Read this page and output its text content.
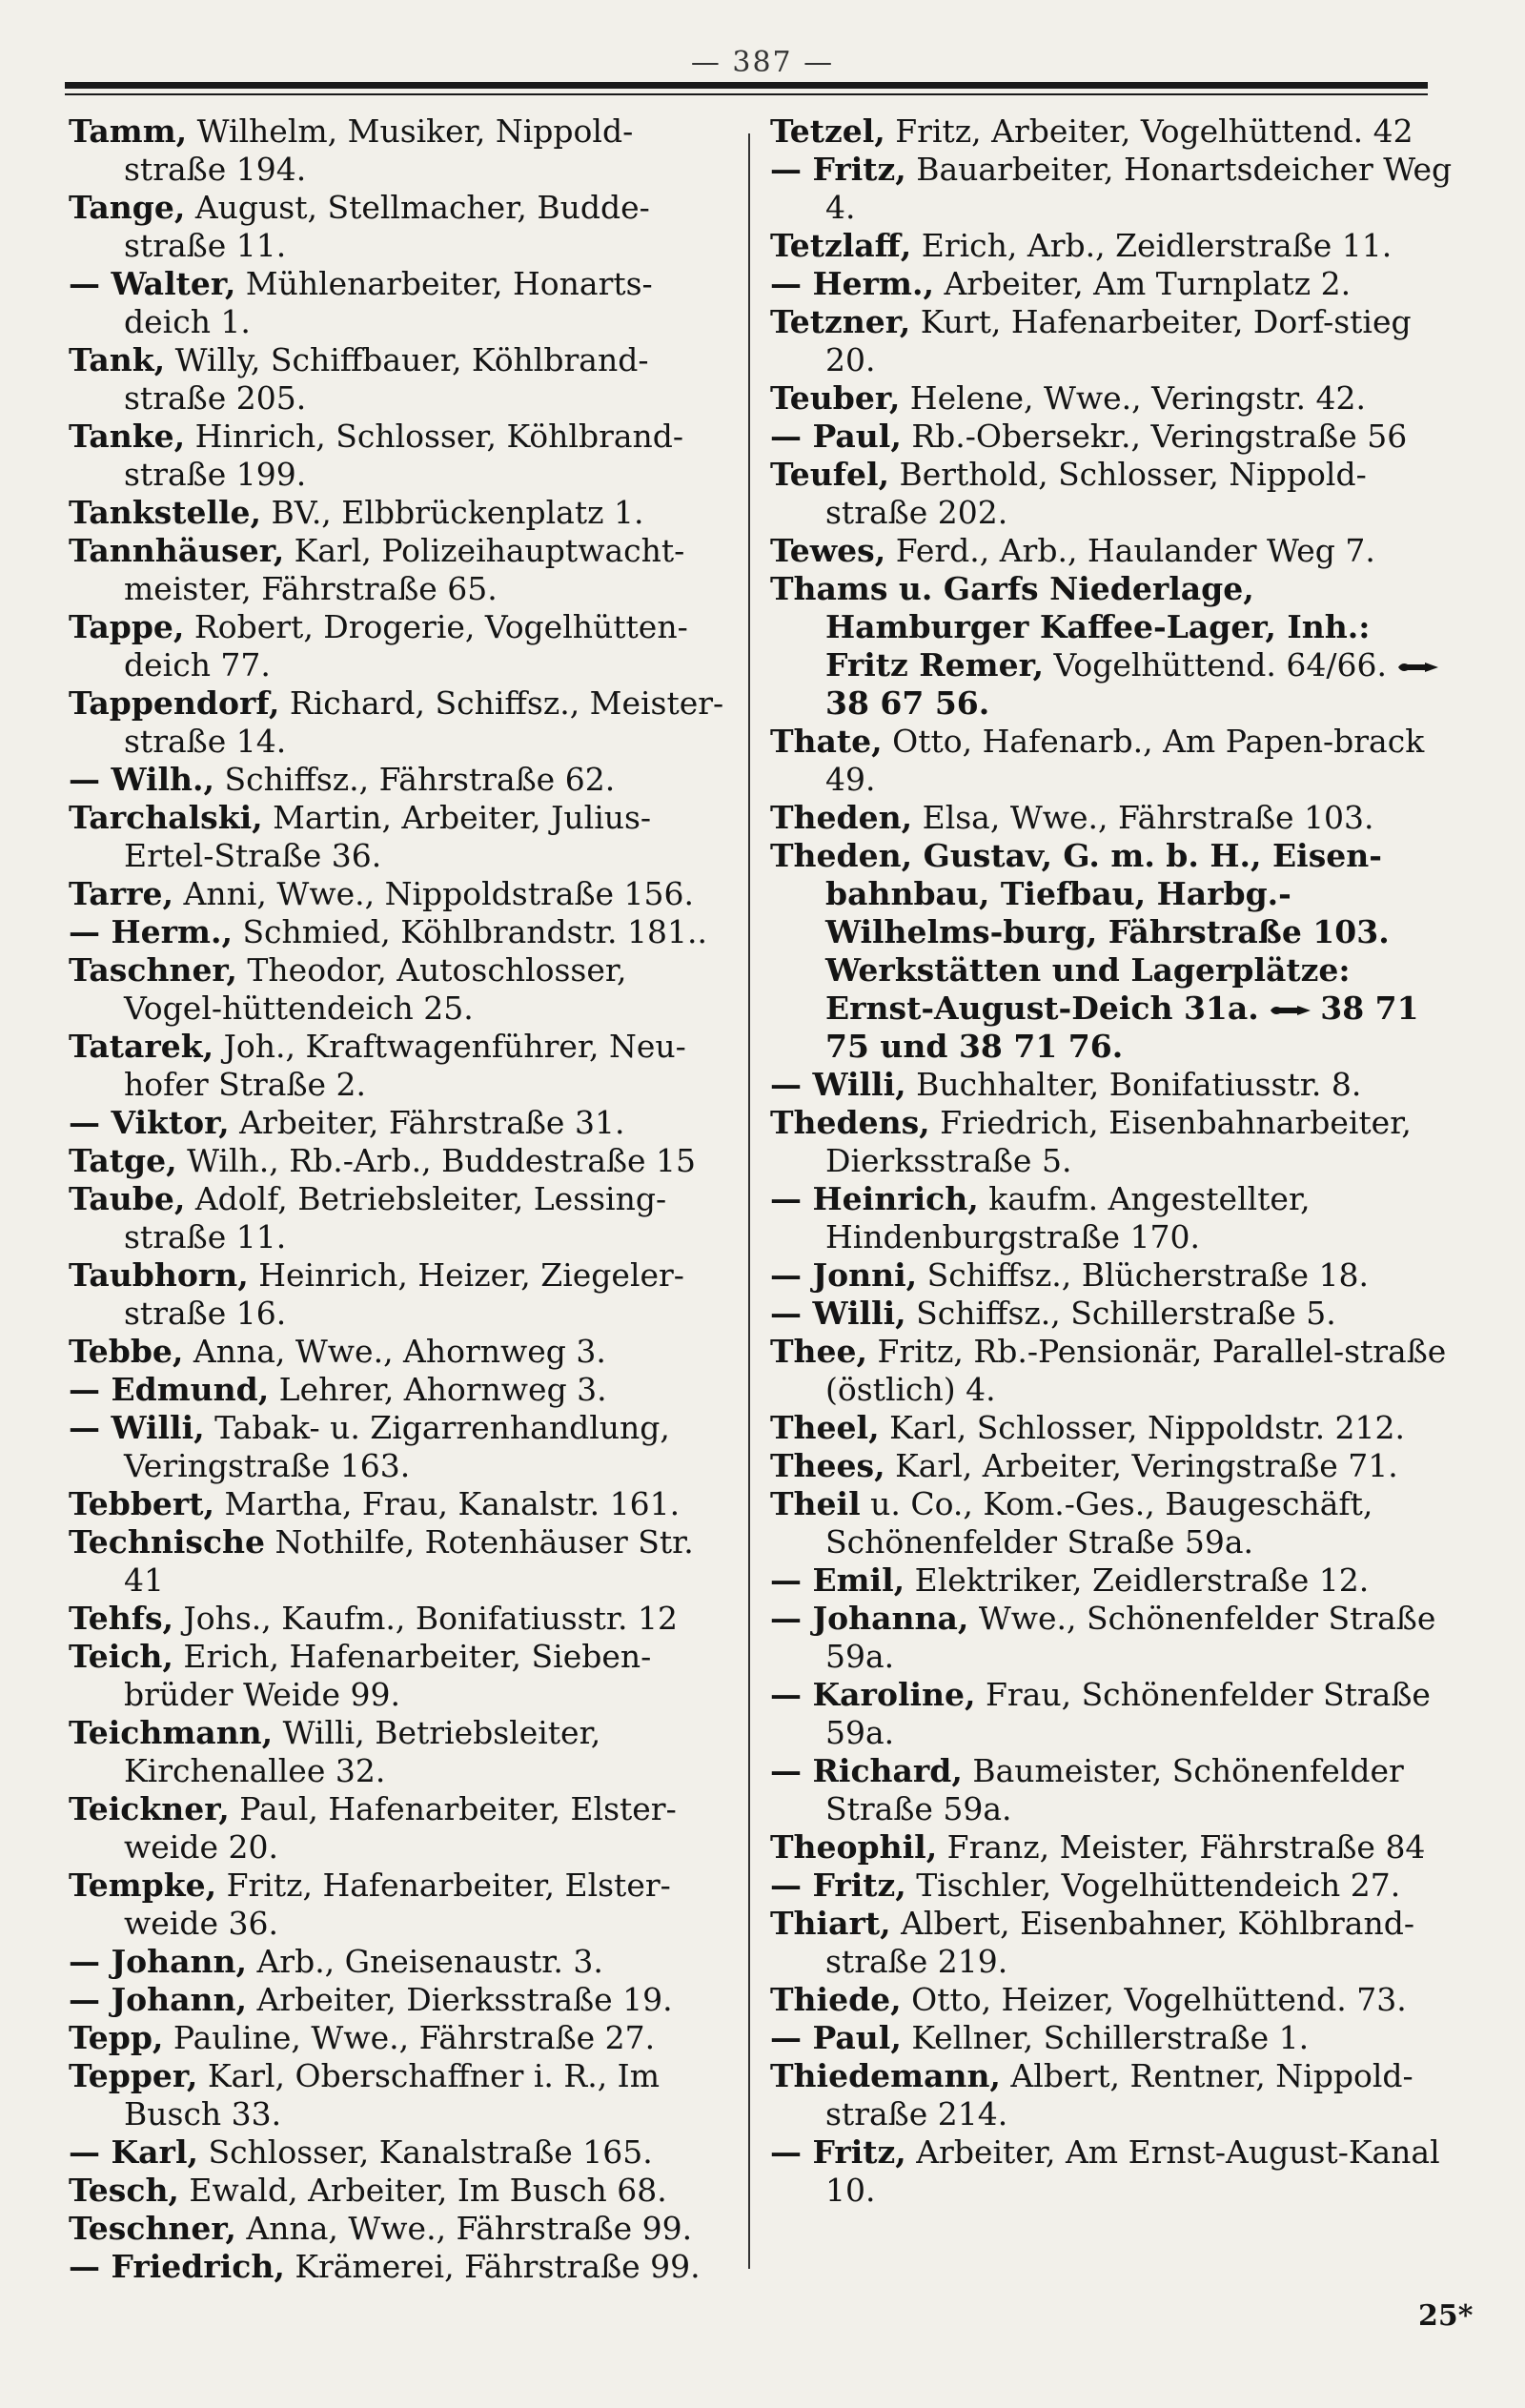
— 387 —
Tamm, Wilhelm, Musiker, Nippold-straße 194.
Tange, August, Stellmacher, Budde-straße 11.
— Walter, Mühlenarbeiter, Honarts-deich 1.
Tank, Willy, Schiffbauer, Köhlbrand-straße 205.
Tanke, Hinrich, Schlosser, Köhlbrand-straße 199.
Tankstelle, BV., Elbbrückenplatz 1.
Tannhäuser, Karl, Polizeihauptwacht-meister, Fährstraße 65.
Tappe, Robert, Drogerie, Vogelhütten-deich 77.
Tappendorf, Richard, Schiffsz., Meister-straße 14.
— Wilh., Schiffsz., Fährstraße 62.
Tarchalski, Martin, Arbeiter, Julius-Ertel-Straße 36.
Tarre, Anni, Wwe., Nippoldstraße 156.
— Herm., Schmied, Köhlbrandstr. 181..
Taschner, Theodor, Autoschlosser, Vogel-hüttendeich 25.
Tatarek, Joh., Kraftwagenführer, Neu-hofer Straße 2.
— Viktor, Arbeiter, Fährstraße 31.
Tatge, Wilh., Rb.-Arb., Buddestraße 15
Taube, Adolf, Betriebsleiter, Lessing-straße 11.
Taubhorn, Heinrich, Heizer, Ziegeler-straße 16.
Tebbe, Anna, Wwe., Ahornweg 3.
— Edmund, Lehrer, Ahornweg 3.
— Willi, Tabak- u. Zigarrenhandlung, Veringstraße 163.
Tebbert, Martha, Frau, Kanalstr. 161.
Technische Nothilfe, Rotenhäuser Str. 41
Tehfs, Johs., Kaufm., Bonifatiusstr. 12
Teich, Erich, Hafenarbeiter, Sieben-brüder Weide 99.
Teichmann, Willi, Betriebsleiter, Kirchenallee 32.
Teickner, Paul, Hafenarbeiter, Elster-weide 20.
Tempke, Fritz, Hafenarbeiter, Elster-weide 36.
— Johann, Arb., Gneisenaustr. 3.
— Johann, Arbeiter, Dierksstraße 19.
Tepp, Pauline, Wwe., Fährstraße 27.
Tepper, Karl, Oberschaffner i. R., Im Busch 33.
— Karl, Schlosser, Kanalstraße 165.
Tesch, Ewald, Arbeiter, Im Busch 68.
Teschner, Anna, Wwe., Fährstraße 99.
— Friedrich, Krämerei, Fährstraße 99.
Tetzel, Fritz, Arbeiter, Vogelhüttend. 42
— Fritz, Bauarbeiter, Honartsdeicher Weg 4.
Tetzlaff, Erich, Arb., Zeidlerstraße 11.
— Herm., Arbeiter, Am Turnplatz 2.
Tetzner, Kurt, Hafenarbeiter, Dorf-stieg 20.
Teuber, Helene, Wwe., Veringstr. 42.
— Paul, Rb.-Obersekr., Veringstraße 56
Teufel, Berthold, Schlosser, Nippold-straße 202.
Tewes, Ferd., Arb., Haulander Weg 7.
Thams u. Garfs Niederlage, Hamburger Kaffee-Lager, Inh.: Fritz Remer, Vogelhüttend. 64/66. 38 67 56.
Thate, Otto, Hafenarb., Am Papen-brack 49.
Theden, Elsa, Wwe., Fährstraße 103.
Theden, Gustav, G. m. b. H., Eisen-bahnbau, Tiefbau, Harbg.-Wilhelms-burg, Fährstraße 103. Werkstätten und Lagerplätze: Ernst-August-Deich 31a. 38 71 75 und 38 71 76.
— Willi, Buchhalter, Bonifatiusstr. 8.
Thedens, Friedrich, Eisenbahnarbeiter, Dierksstraße 5.
— Heinrich, kaufm. Angestellter, Hindenburgstraße 170.
— Jonni, Schiffsz., Blücherstraße 18.
— Willi, Schiffsz., Schillerstraße 5.
Thee, Fritz, Rb.-Pensionär, Parallel-straße (östlich) 4.
Theel, Karl, Schlosser, Nippoldstr. 212.
Thees, Karl, Arbeiter, Veringstraße 71.
Theil u. Co., Kom.-Ges., Baugeschäft, Schönenfelder Straße 59a.
— Emil, Elektriker, Zeidlerstraße 12.
— Johanna, Wwe., Schönenfelder Straße 59a.
— Karoline, Frau, Schönenfelder Straße 59a.
— Richard, Baumeister, Schönenfelder Straße 59a.
Theophil, Franz, Meister, Fährstraße 84
— Fritz, Tischler, Vogelhüttendeich 27.
Thiart, Albert, Eisenbahner, Köhlbrand-straße 219.
Thiede, Otto, Heizer, Vogelhüttend. 73.
— Paul, Kellner, Schillerstraße 1.
Thiedemann, Albert, Rentner, Nippold-straße 214.
— Fritz, Arbeiter, Am Ernst-August-Kanal 10.
25*
